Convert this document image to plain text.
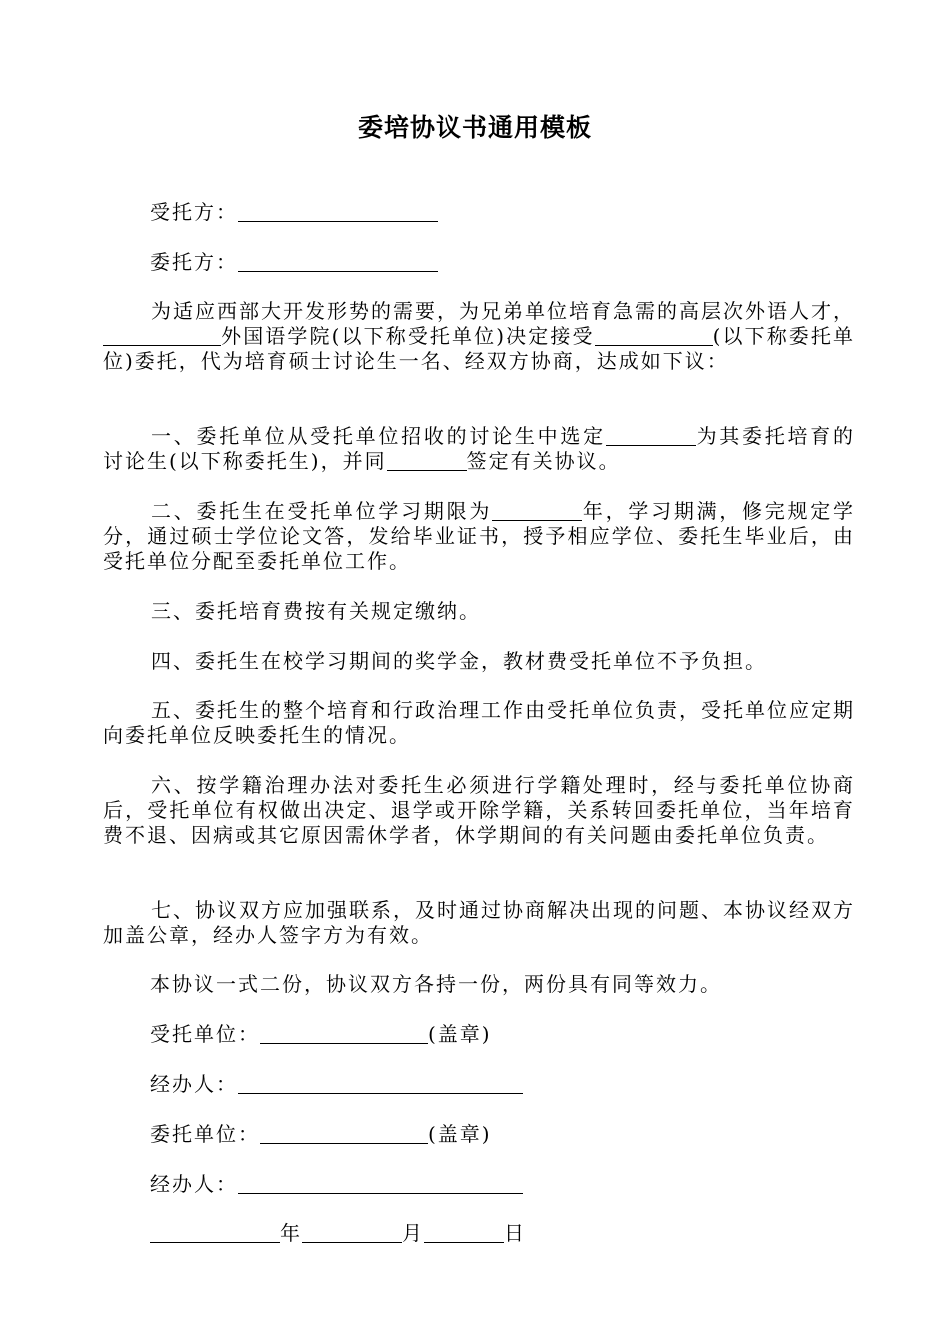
委培协议书通用模板

受托方：

委托方：

为适应西部大开发形势的需要，为兄弟单位培育急需的高层次外语人才，外国语学院(以下称受托单位)决定接受	(以下称委托单位)委托，代为培育硕士讨论生一名、经双方协商，达成如下议：

一、委托单位从受托单位招收的讨论生中选定	为其委托培育的讨论生(以下称委托生)，并同	签定有关协议。

二、委托生在受托单位学习期限为	年，学习期满，修完规定学分，通过硕士学位论文答，发给毕业证书，授予相应学位、委托生毕业后，由受托单位分配至委托单位工作。

三、委托培育费按有关规定缴纳。

四、委托生在校学习期间的奖学金，教材费受托单位不予负担。

五、委托生的整个培育和行政治理工作由受托单位负责，受托单位应定期向委托单位反映委托生的情况。

六、按学籍治理办法对委托生必须进行学籍处理时，经与委托单位协商后，受托单位有权做出决定、退学或开除学籍，关系转回委托单位，当年培育费不退、因病或其它原因需休学者，休学期间的有关问题由委托单位负责。

七、协议双方应加强联系，及时通过协商解决出现的问题、本协议经双方加盖公章，经办人签字方为有效。

本协议一式二份，协议双方各持一份，两份具有同等效力。

受托单位：	(盖章)

经办人：

委托单位：	(盖章)

经办人：

年	月	日
